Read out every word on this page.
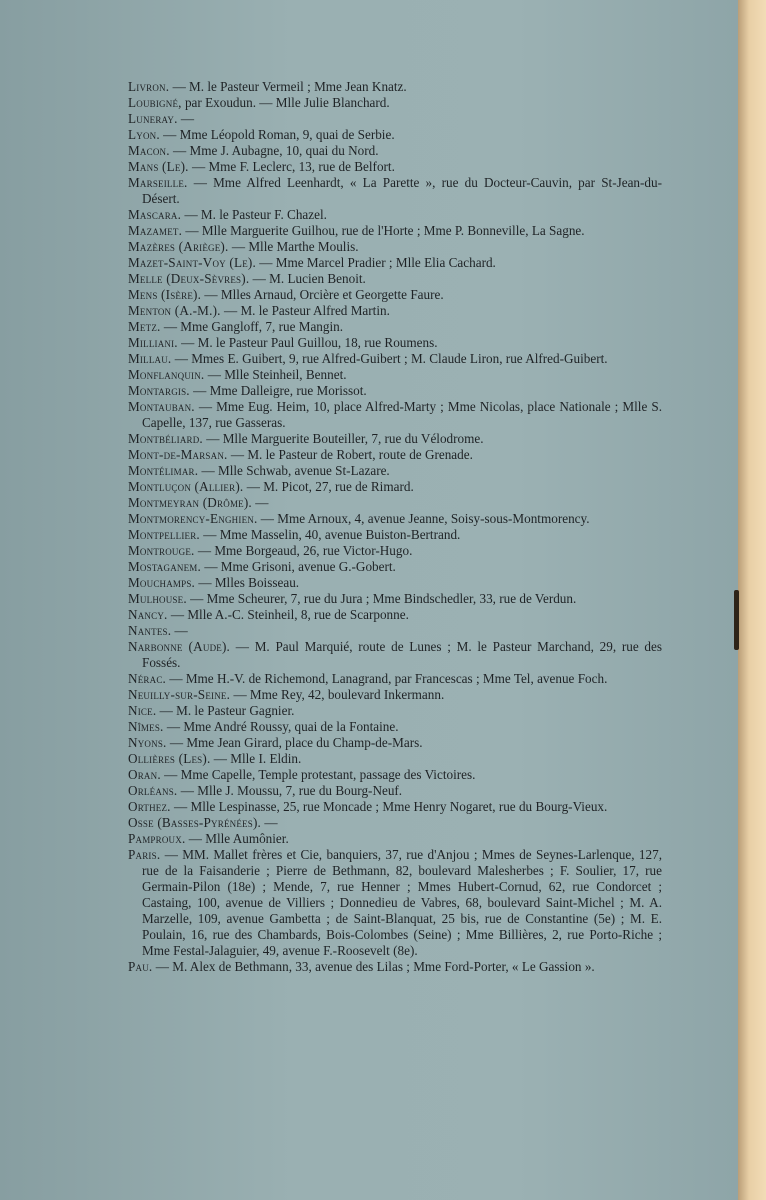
Livron. — M. le Pasteur Vermeil ; Mme Jean Knatz.

Loubigné, par Exoudun. — Mlle Julie Blanchard.

Luneray. —

Lyon. — Mme Léopold Roman, 9, quai de Serbie.

Macon. — Mme J. Aubagne, 10, quai du Nord.

Mans (Le). — Mme F. Leclerc, 13, rue de Belfort.

Marseille. — Mme Alfred Leenhardt, « La Parette », rue du Docteur-Cauvin, par St-Jean-du-Désert.

Mascara. — M. le Pasteur F. Chazel.

Mazamet. — Mlle Marguerite Guilhou, rue de l'Horte ; Mme P. Bonneville, La Sagne.

Mazères (Ariège). — Mlle Marthe Moulis.

Mazet-Saint-Voy (Le). — Mme Marcel Pradier ; Mlle Elia Cachard.

Melle (Deux-Sèvres). — M. Lucien Benoit.

Mens (Isère). — Mlles Arnaud, Orcière et Georgette Faure.

Menton (A.-M.). — M. le Pasteur Alfred Martin.

Metz. — Mme Gangloff, 7, rue Mangin.

Milliani. — M. le Pasteur Paul Guillou, 18, rue Roumens.

Millau. — Mmes E. Guibert, 9, rue Alfred-Guibert ; M. Claude Liron, rue Alfred-Guibert.

Monflanquin. — Mlle Steinheil, Bennet.

Montargis. — Mme Dalleigre, rue Morissot.

Montauban. — Mme Eug. Heim, 10, place Alfred-Marty ; Mme Nicolas, place Nationale ; Mlle S. Capelle, 137, rue Gasseras.

Montbéliard. — Mlle Marguerite Bouteiller, 7, rue du Vélodrome.

Mont-de-Marsan. — M. le Pasteur de Robert, route de Grenade.

Montélimar. — Mlle Schwab, avenue St-Lazare.

Montluçon (Allier). — M. Picot, 27, rue de Rimard.

Montmeyran (Drôme). —

Montmorency-Enghien. — Mme Arnoux, 4, avenue Jeanne, Soisy-sous-Montmorency.

Montpellier. — Mme Masselin, 40, avenue Buiston-Bertrand.

Montrouge. — Mme Borgeaud, 26, rue Victor-Hugo.

Mostaganem. — Mme Grisoni, avenue G.-Gobert.

Mouchamps. — Mlles Boisseau.

Mulhouse. — Mme Scheurer, 7, rue du Jura ; Mme Bindschedler, 33, rue de Verdun.

Nancy. — Mlle A.-C. Steinheil, 8, rue de Scarponne.

Nantes. —

Narbonne (Aude). — M. Paul Marquié, route de Lunes ; M. le Pasteur Marchand, 29, rue des Fossés.

Nérac. — Mme H.-V. de Richemond, Lanagrand, par Francescas ; Mme Tel, avenue Foch.

Neuilly-sur-Seine. — Mme Rey, 42, boulevard Inkermann.

Nice. — M. le Pasteur Gagnier.

Nîmes. — Mme André Roussy, quai de la Fontaine.

Nyons. — Mme Jean Girard, place du Champ-de-Mars.

Ollières (Les). — Mlle I. Eldin.

Oran. — Mme Capelle, Temple protestant, passage des Victoires.

Orléans. — Mlle J. Moussu, 7, rue du Bourg-Neuf.

Orthez. — Mlle Lespinasse, 25, rue Moncade ; Mme Henry Nogaret, rue du Bourg-Vieux.

Osse (Basses-Pyrénées). —

Pamproux. — Mlle Aumônier.

Paris. — MM. Mallet frères et Cie, banquiers, 37, rue d'Anjou ; Mmes de Seynes-Larlenque, 127, rue de la Faisanderie ; Pierre de Bethmann, 82, boulevard Malesherbes ; F. Soulier, 17, rue Germain-Pilon (18e) ; Mende, 7, rue Henner ; Mmes Hubert-Cornud, 62, rue Condorcet ; Castaing, 100, avenue de Villiers ; Donnedieu de Vabres, 68, boulevard Saint-Michel ; M. A. Marzelle, 109, avenue Gambetta ; de Saint-Blanquat, 25 bis, rue de Constantine (5e) ; M. E. Poulain, 16, rue des Chambards, Bois-Colombes (Seine) ; Mme Billières, 2, rue Porto-Riche ; Mme Festal-Jalaguier, 49, avenue F.-Roosevelt (8e).

Pau. — M. Alex de Bethmann, 33, avenue des Lilas ; Mme Ford-Porter, « Le Gassion ».
